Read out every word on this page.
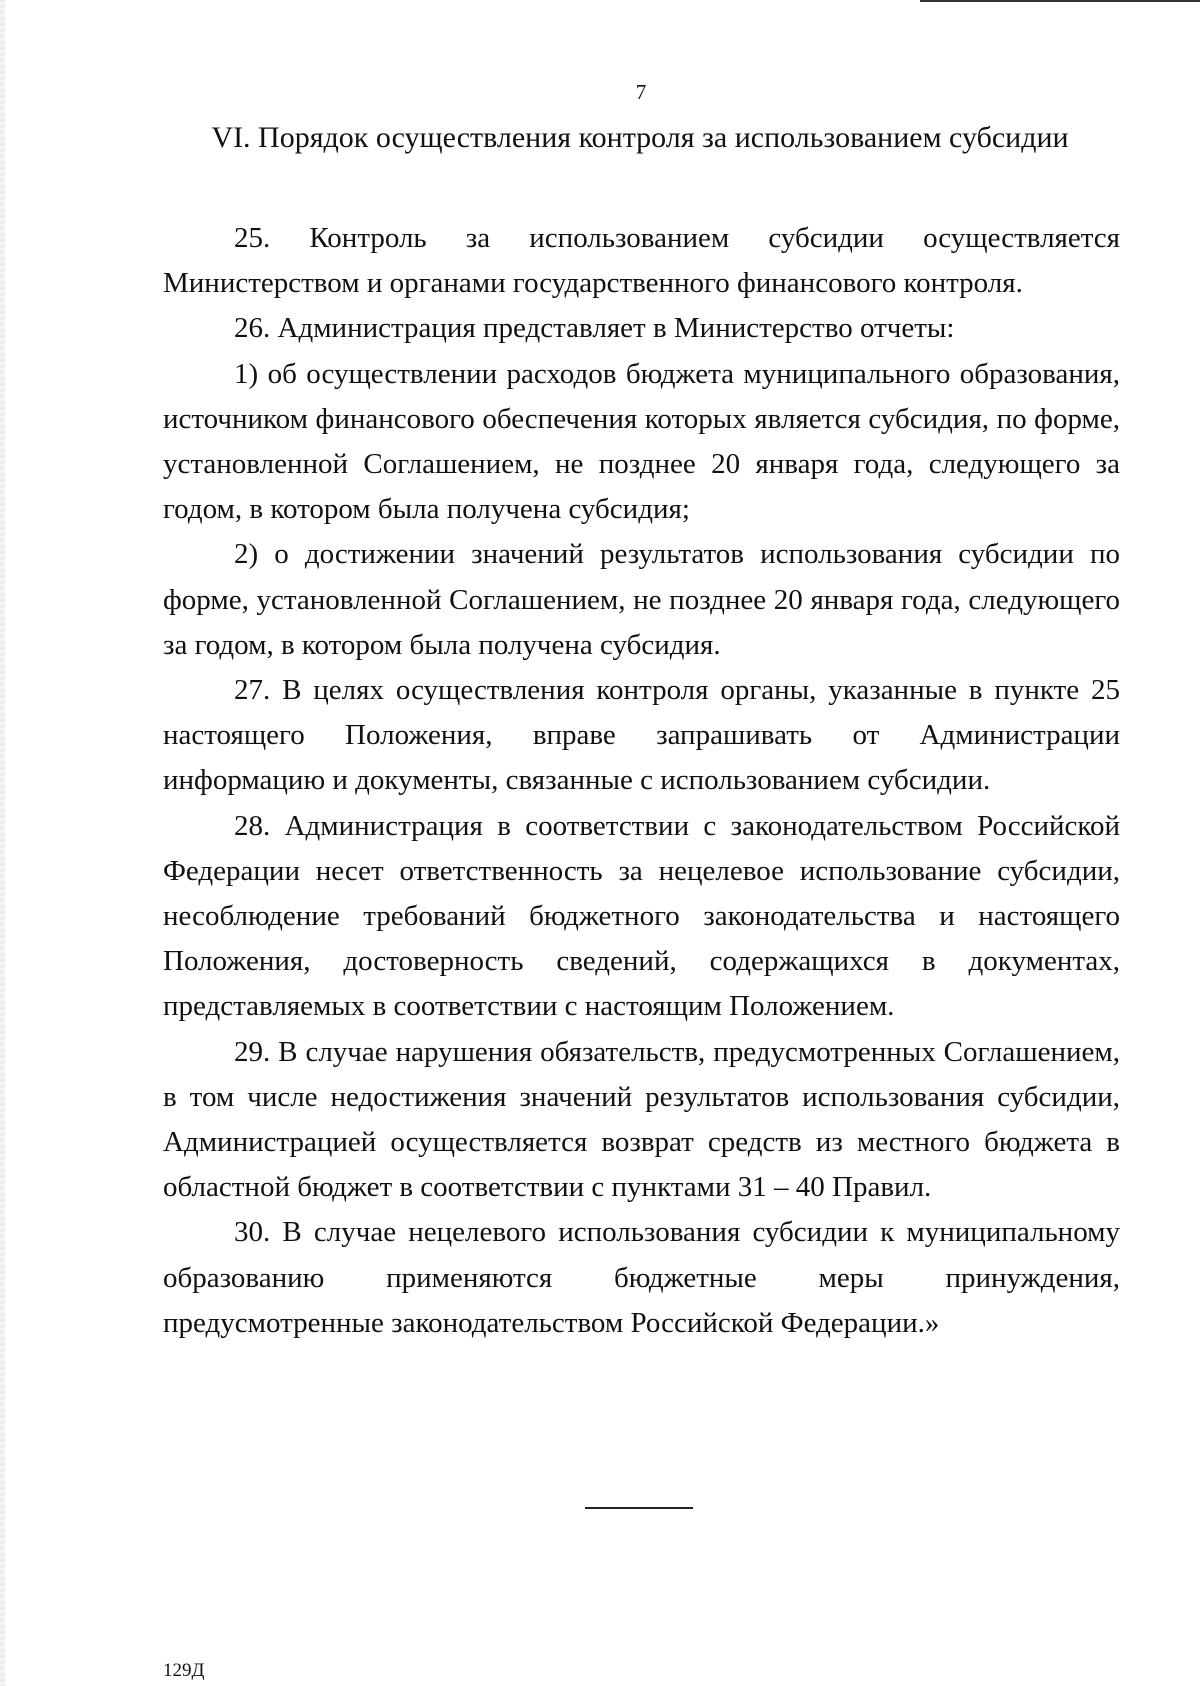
7
VI. Порядок осуществления контроля за использованием субсидии

25. Контроль за использованием субсидии осуществляется Министерством и органами государственного финансового контроля.

26. Администрация представляет в Министерство отчеты:

1) об осуществлении расходов бюджета муниципального образования, источником финансового обеспечения которых является субсидия, по форме, установленной Соглашением, не позднее 20 января года, следующего за годом, в котором была получена субсидия;

2) о достижении значений результатов использования субсидии по форме, установленной Соглашением, не позднее 20 января года, следующего за годом, в котором была получена субсидия.

27. В целях осуществления контроля органы, указанные в пункте 25 настоящего Положения, вправе запрашивать от Администрации информацию и документы, связанные с использованием субсидии.

28. Администрация в соответствии с законодательством Российской Федерации несет ответственность за нецелевое использование субсидии, несоблюдение требований бюджетного законодательства и настоящего Положения, достоверность сведений, содержащихся в документах, представляемых в соответствии с настоящим Положением.

29. В случае нарушения обязательств, предусмотренных Соглашением, в том числе недостижения значений результатов использования субсидии, Администрацией осуществляется возврат средств из местного бюджета в областной бюджет в соответствии с пунктами 31 – 40 Правил.

30. В случае нецелевого использования субсидии к муниципальному образованию применяются бюджетные меры принуждения, предусмотренные законодательством Российской Федерации.»

129Д
